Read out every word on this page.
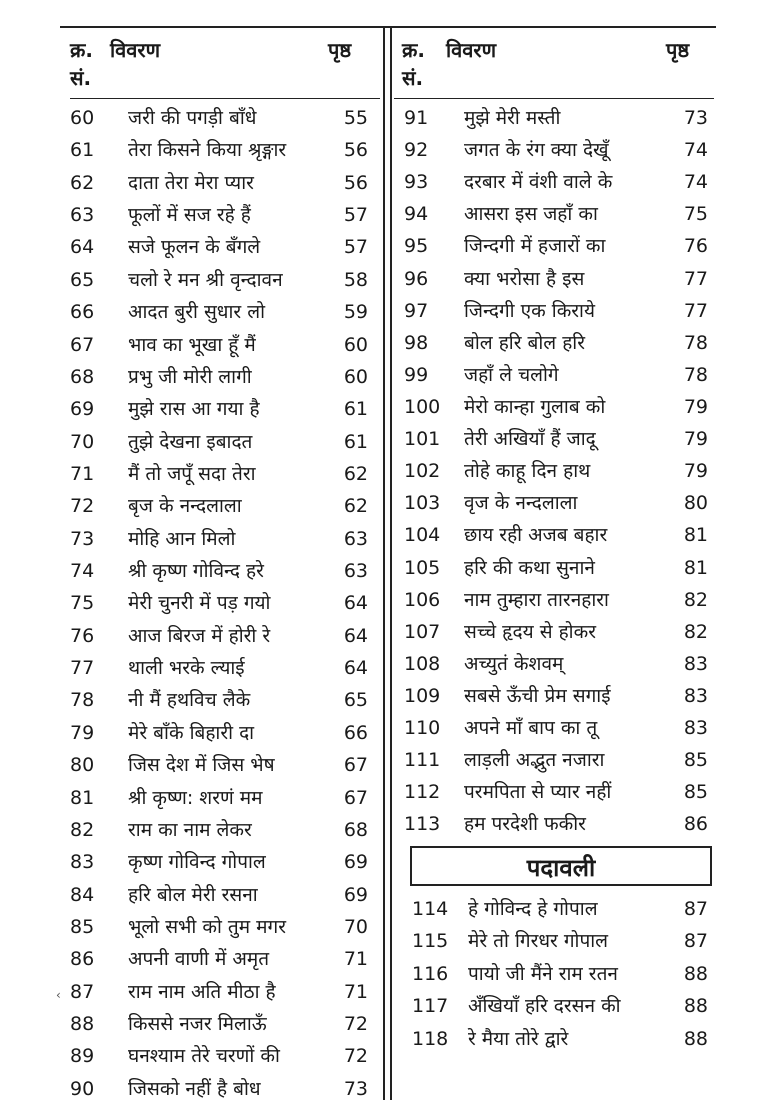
क्र.
सं.
विवरण	पृष्ठ	क्र.
सं.
विवरण	पृष्ठ
60	जरी की पगड़ी बाँधे	55
61	तेरा किसने किया श्रृङ्गार	56
62	दाता तेरा मेरा प्यार	56
63	फूलों में सज रहे हैं	57
64	सजे फूलन के बँगले	57
65	चलो रे मन श्री वृन्दावन	58
66	आदत बुरी सुधार लो	59
67	भाव का भूखा हूँ मैं	60
68	प्रभु जी मोरी लागी	60
69	मुझे रास आ गया है	61
70	तुझे देखना इबादत	61
71	मैं तो जपूँ सदा तेरा	62
72	बृज के नन्दलाला	62
73	मोहि आन मिलो	63
74	श्री कृष्ण गोविन्द हरे	63
75	मेरी चुनरी में पड़ गयो	64
76	आज बिरज में होरी रे	64
77	थाली भरके ल्याई	64
78	नी मैं हथविच लैके	65
79	मेरे बाँके बिहारी दा	66
80	जिस देश में जिस भेष	67
81	श्री कृष्ण: शरणं मम	67
82	राम का नाम लेकर	68
83	कृष्ण गोविन्द गोपाल	69
84	हरि बोल मेरी रसना	69
85	भूलो सभी को तुम मगर	70
86	अपनी वाणी में अमृत	71
87	राम नाम अति मीठा है	71
88	किससे नजर मिलाऊँ	72
89	घनश्याम तेरे चरणों की	72
90	जिसको नहीं है बोध	73
91	मुझे मेरी मस्ती	73
92	जगत के रंग क्या देखूँ	74
93	दरबार में वंशी वाले के	74
94	आसरा इस जहाँ का	75
95	जिन्दगी में हजारों का	76
96	क्या भरोसा है इस	77
97	जिन्दगी एक किराये	77
98	बोल हरि बोल हरि	78
99	जहाँ ले चलोगे	78
100	मेरो कान्हा गुलाब को	79
101	तेरी अखियाँ हैं जादू	79
102	तोहे काहू दिन हाथ	79
103	वृज के नन्दलाला	80
104	छाय रही अजब बहार	81
105	हरि की कथा सुनाने	81
106	नाम तुम्हारा तारनहारा	82
107	सच्चे हृदय से होकर	82
108	अच्युतं केशवम्	83
109	सबसे ऊँची प्रेम सगाई	83
110	अपने माँ बाप का तू	83
111	लाड़ली अद्भुत नजारा	85
112	परमपिता से प्यार नहीं	85
113	हम परदेशी फकीर	86
पदावली
114 हे गोविन्द हे गोपाल	87
115 मेरे तो गिरधर गोपाल	87
116 पायो जी मैंने राम रतन	88
117 अँखियाँ हरि दरसन की	88
118 रे मैया तोरे द्वारे	88
‹
